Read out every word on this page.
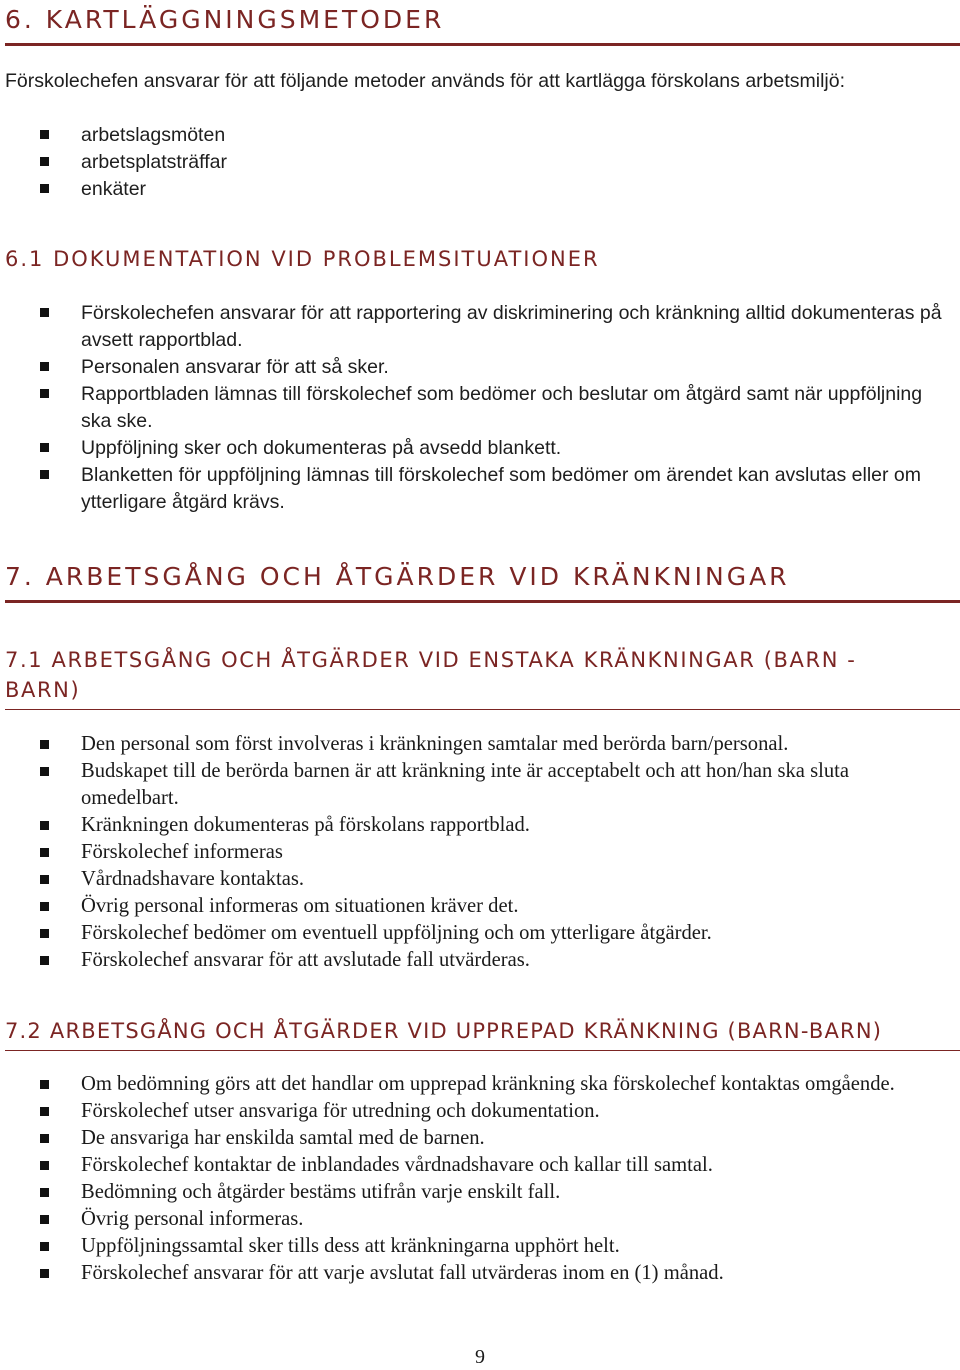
6. KARTLÄGGNINGSMETODER

Förskolechefen ansvarar för att följande metoder används för att kartlägga förskolans arbetsmiljö:

arbetslagsmöten
arbetsplatsträffar
enkäter
6.1 DOKUMENTATION VID PROBLEMSITUATIONER
Förskolechefen ansvarar för att rapportering av diskriminering och kränkning alltid dokumenteras på avsett rapportblad.
Personalen ansvarar för att så sker.
Rapportbladen lämnas till förskolechef som bedömer och beslutar om åtgärd samt när uppföljning ska ske.
Uppföljning sker och dokumenteras på avsedd blankett.
Blanketten för uppföljning lämnas till förskolechef som bedömer om ärendet kan avslutas eller om ytterligare åtgärd krävs.
7. ARBETSGÅNG OCH ÅTGÄRDER VID KRÄNKNINGAR
7.1 ARBETSGÅNG OCH ÅTGÄRDER VID ENSTAKA KRÄNKNINGAR (BARN - BARN)
Den personal som först involveras i kränkningen samtalar med berörda barn/personal.
Budskapet till de berörda barnen är att kränkning inte är acceptabelt och att hon/han ska sluta omedelbart.
Kränkningen dokumenteras på förskolans rapportblad.
Förskolechef informeras
Vårdnadshavare kontaktas.
Övrig personal informeras om situationen kräver det.
Förskolechef bedömer om eventuell uppföljning och om ytterligare åtgärder.
Förskolechef ansvarar för att avslutade fall utvärderas.
7.2 ARBETSGÅNG OCH ÅTGÄRDER VID UPPREPAD KRÄNKNING (BARN-BARN)
Om bedömning görs att det handlar om upprepad kränkning ska förskolechef kontaktas omgående.
Förskolechef utser ansvariga för utredning och dokumentation.
De ansvariga har enskilda samtal med de barnen.
Förskolechef kontaktar de inblandades vårdnadshavare och kallar till samtal.
Bedömning och åtgärder bestäms utifrån varje enskilt fall.
Övrig personal informeras.
Uppföljningssamtal sker tills dess att kränkningarna upphört helt.
Förskolechef ansvarar för att varje avslutat fall utvärderas inom en (1) månad.
9
